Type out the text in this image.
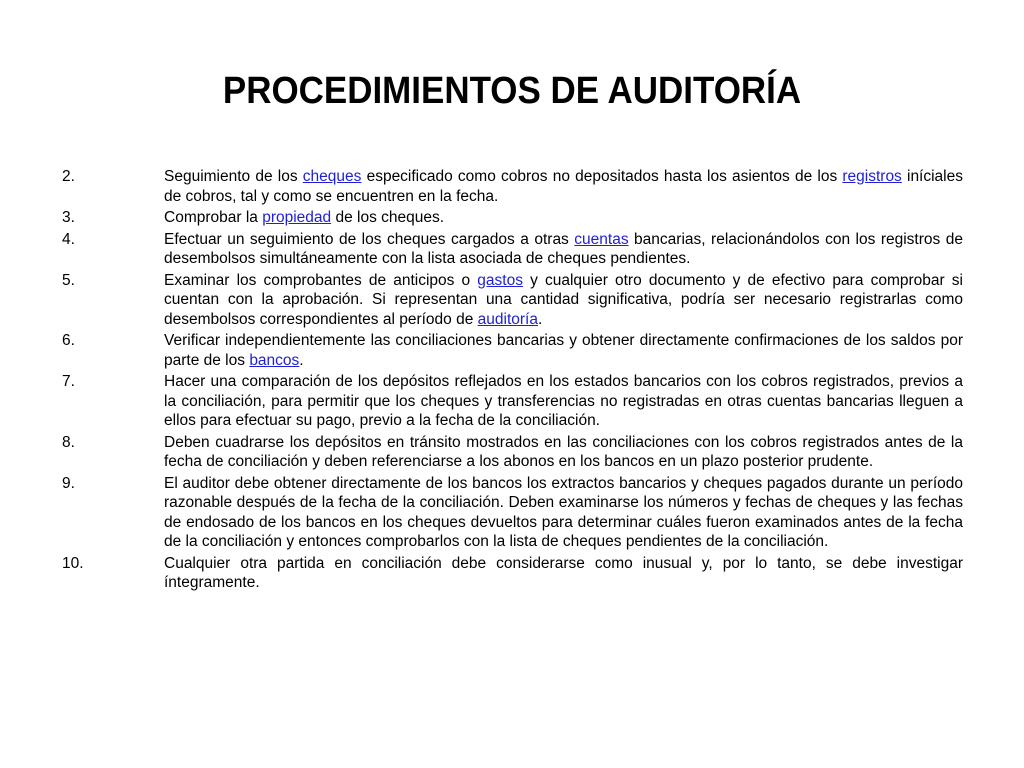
PROCEDIMIENTOS DE AUDITORÍA
2.	Seguimiento de los cheques especificado como cobros no depositados hasta los asientos de los registros iníciales de cobros, tal y como se encuentren en la fecha.
3.	Comprobar la propiedad de los cheques.
4.	Efectuar un seguimiento de los cheques cargados a otras cuentas bancarias, relacionándolos con los registros de desembolsos simultáneamente con la lista asociada de cheques pendientes.
5.	Examinar los comprobantes de anticipos o gastos y cualquier otro documento y de efectivo para comprobar si cuentan con la aprobación. Si representan una cantidad significativa, podría ser necesario registrarlas como desembolsos correspondientes al período de auditoría.
6.	Verificar independientemente las conciliaciones bancarias y obtener directamente confirmaciones de los saldos por parte de los bancos.
7.	Hacer una comparación de los depósitos reflejados en los estados bancarios con los cobros registrados, previos a la conciliación, para permitir que los cheques y transferencias no registradas en otras cuentas bancarias lleguen a ellos para efectuar su pago, previo a la fecha de la conciliación.
8.	Deben cuadrarse los depósitos en tránsito mostrados en las conciliaciones con los cobros registrados antes de la fecha de conciliación y deben referenciarse a los abonos en los bancos en un plazo posterior prudente.
9.	El auditor debe obtener directamente de los bancos los extractos bancarios y cheques pagados durante un período razonable después de la fecha de la conciliación. Deben examinarse los números y fechas de cheques y las fechas de endosado de los bancos en los cheques devueltos para determinar cuáles fueron examinados antes de la fecha de la conciliación y entonces comprobarlos con la lista de cheques pendientes de la conciliación.
10.	Cualquier otra partida en conciliación debe considerarse como inusual y, por lo tanto, se debe investigar íntegramente.
